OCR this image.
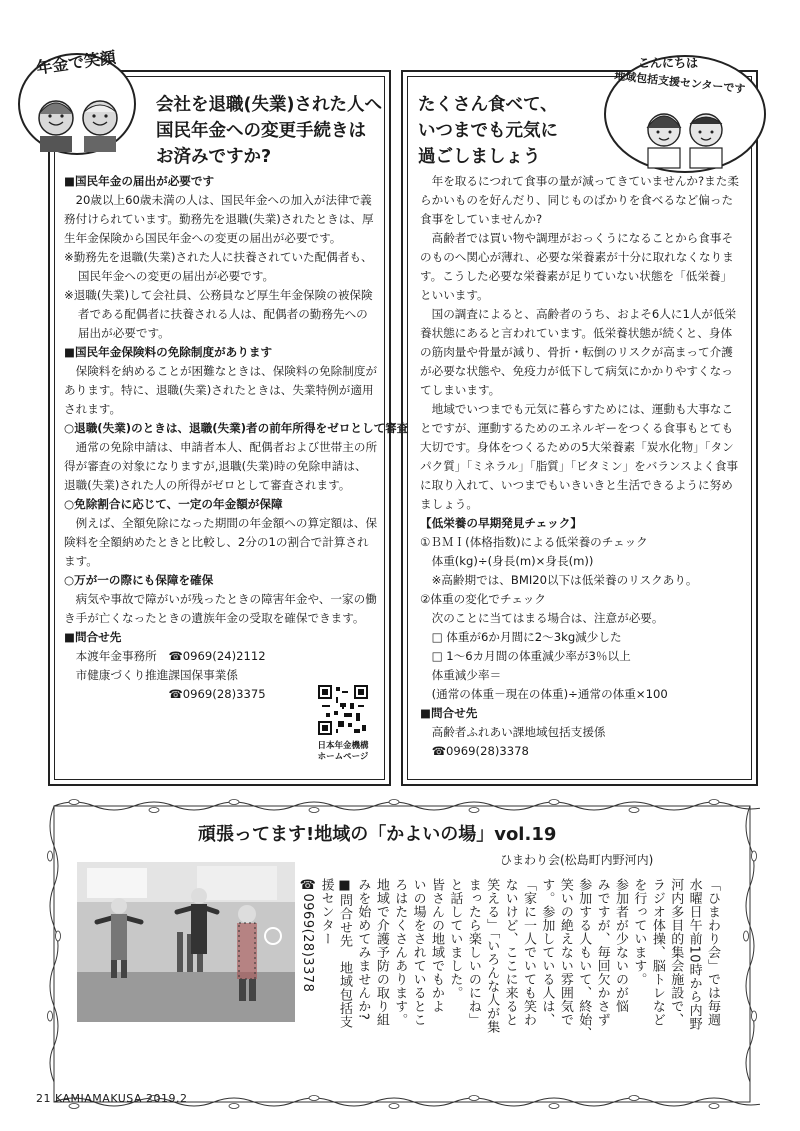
年金で笑顔
会社を退職(失業)された人へ
国民年金への変更手続きは
お済みですか?
■国民年金の届出が必要です
20歳以上60歳未満の人は、国民年金への加入が法律で義務付けられています。勤務先を退職(失業)されたときは、厚生年金保険から国民年金への変更の届出が必要です。
※勤務先を退職(失業)された人に扶養されていた配偶者も、国民年金への変更の届出が必要です。
※退職(失業)して会社員、公務員など厚生年金保険の被保険者である配偶者に扶養される人は、配偶者の勤務先への届出が必要です。
■国民年金保険料の免除制度があります
保険料を納めることが困難なときは、保険料の免除制度があります。特に、退職(失業)されたときは、失業特例が適用されます。
○退職(失業)のときは、退職(失業)者の前年所得をゼロとして審査
通常の免除申請は、申請者本人、配偶者および世帯主の所得が審査の対象になりますが,退職(失業)時の免除申請は、退職(失業)された人の所得がゼロとして審査されます。
○免除割合に応じて、一定の年金額が保障
例えば、全額免除になった期間の年金額への算定額は、保険料を全額納めたときと比較し、2分の1の割合で計算されます。
○万が一の際にも保障を確保
病気や事故で障がいが残ったときの障害年金や、一家の働き手が亡くなったときの遺族年金の受取を確保できます。
■問合せ先
本渡年金事務所　☎0969(24)2112
市健康づくり推進課国保事業係
　　　　　　　　☎0969(28)3375
日本年金機構
ホームページ
こんにちは
地域包括支援センターです
たくさん食べて、
いつまでも元気に
過ごしましょう
年を取るにつれて食事の量が減ってきていませんか?また柔らかいものを好んだり、同じものばかりを食べるなど偏った食事をしていませんか?
高齢者では買い物や調理がおっくうになることから食事そのものへ関心が薄れ、必要な栄養素が十分に取れなくなります。こうした必要な栄養素が足りていない状態を「低栄養」といいます。
国の調査によると、高齢者のうち、およそ6人に1人が低栄養状態にあると言われています。低栄養状態が続くと、身体の筋肉量や骨量が減り、骨折・転倒のリスクが高まって介護が必要な状態や、免疫力が低下して病気にかかりやすくなってしまいます。
地域でいつまでも元気に暮らすためには、運動も大事なことですが、運動するためのエネルギーをつくる食事もとても大切です。身体をつくるための5大栄養素「炭水化物」「タンパク質」「ミネラル」「脂質」「ビタミン」をバランスよく食事に取り入れて、いつまでもいきいきと生活できるように努めましょう。
【低栄養の早期発見チェック】
①ＢＭＩ(体格指数)による低栄養のチェック
体重(kg)÷(身長(m)×身長(m))
※高齢期では、BMI20以下は低栄養のリスクあり。
②体重の変化でチェック
次のことに当てはまる場合は、注意が必要。
□ 体重が6か月間に2～3kg減少した
□ 1～6カ月間の体重減少率が3％以上
体重減少率＝
(通常の体重－現在の体重)÷通常の体重×100
■問合せ先
高齢者ふれあい課地域包括支援係
☎0969(28)3378
頑張ってます!地域の「かよいの場」vol.19
ひまわり会(松島町内野河内)
「ひまわり会」では毎週
水曜日午前10時から内野
河内多目的集会施設で、
ラジオ体操、脳トレなど
を行っています。
参加者が少ないのが悩
みですが、毎回欠かさず
参加する人もいて、終始、
笑いの絶えない雰囲気で
す。参加している人は、
「家に一人でいても笑わ
ないけど、ここに来ると
笑える」「いろんな人が集
まったら楽しいのにね」
と話していました。
皆さんの地域でもかよ
いの場をされているとこ
ろはたくさんあります。
地域で介護予防の取り組
みを始めてみませんか?
■問合せ先　地域包括支
援センター
☎0969(28)3378
21 KAMIAMAKUSA 2019.2
